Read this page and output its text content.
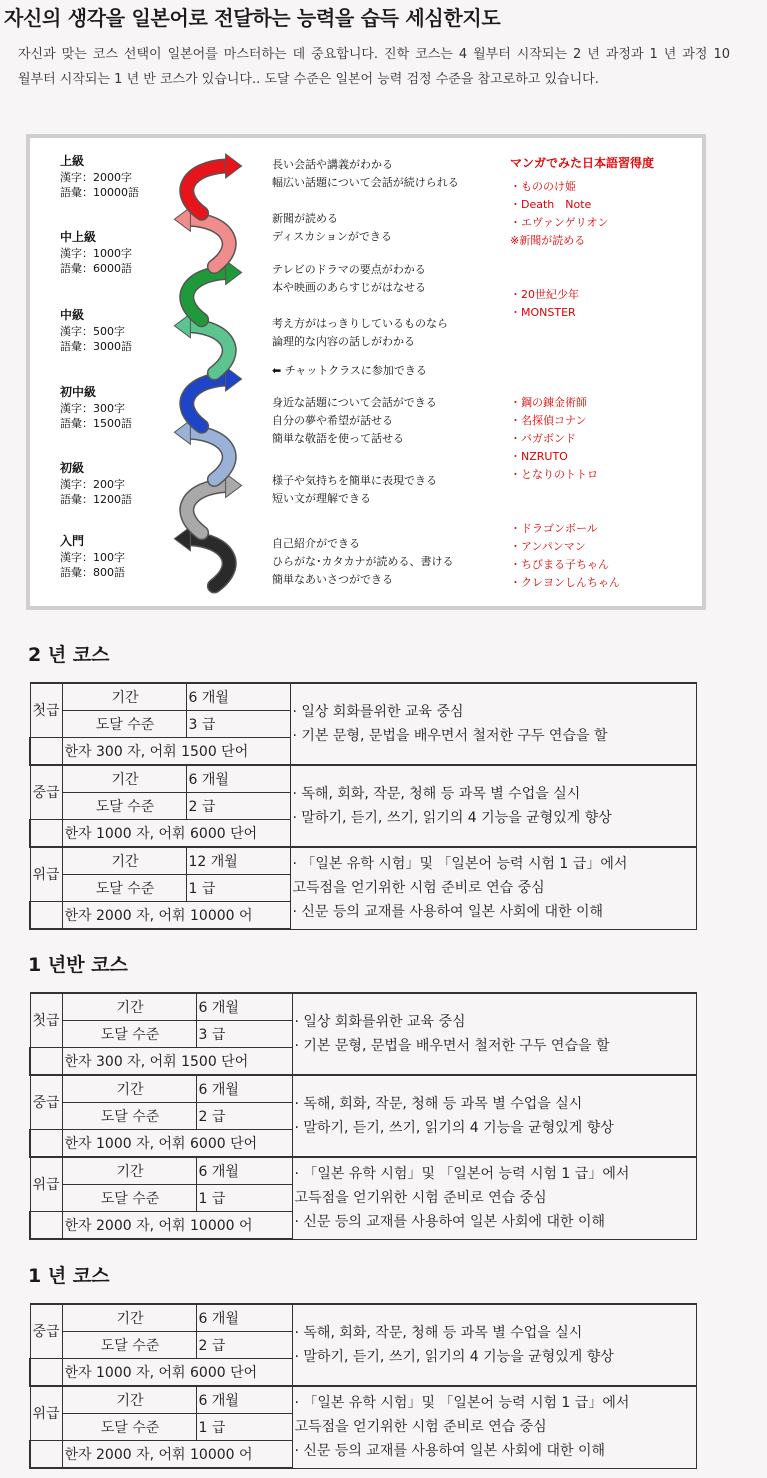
자신의 생각을 일본어로 전달하는 능력을 습득 세심한지도

자신과 맞는 코스 선택이 일본어를 마스터하는 데 중요합니다. 진학 코스는 4 월부터 시작되는 2 년 과정과 1 년 과정 10 월부터 시작되는 1 년 반 코스가 있습니다.. 도달 수준은 일본어 능력 검정 수준을 참고로하고 있습니다.

上級
漢字：2000字
語彙：10000語
中上級
漢字：1000字
語彙：6000語
中級
漢字：500字
語彙：3000語
初中級
漢字：300字
語彙：1500語
初級
漢字：200字
語彙：1200語
入門
漢字：100字
語彙：800語
長い会話や講義がわかる
幅広い話題について会話が続けられる
新聞が読める
ディスカションができる
テレビのドラマの要点がわかる
本や映画のあらすじがはなせる
考え方がはっきりしているものなら
論理的な内容の話しがわかる
⬅ チャットクラスに参加できる
身近な話題について会話ができる
自分の夢や希望が話せる
簡単な敬語を使って話せる
様子や気持ちを簡単に表現できる
短い文が理解できる
自己紹介ができる
ひらがな･カタカナが読める、書ける
簡単なあいさつができる
マンガでみた日本語習得度
・もののけ姫
・Death　Note
・エヴァンゲリオン
※新聞が読める
・20世紀少年
・MONSTER
・鋼の錬金術師
・名探偵コナン
・バガボンド
・NZRUTO
・となりのトトロ
・ドラゴンボール
・アンパンマン
・ちびまる子ちゃん
・クレヨンしんちゃん
2 년 코스
첫급	기간	6 개월	· 일상 회화를위한 교육 중심
· 기본 문형, 문법을 배우면서 철저한 구두 연습을 할

	도달 수준	3 급	
	한자 300 자, 어휘 1500 단어		
중급	기간	6 개월	· 독해, 회화, 작문, 청해 등 과목 별 수업을 실시
· 말하기, 듣기, 쓰기, 읽기의 4 기능을 균형있게 향상

	도달 수준	2 급	
	한자 1000 자, 어휘 6000 단어		
위급	기간	12 개월	· 「일본 유학 시험」및 「일본어 능력 시험 1 급」에서
고득점을 얻기위한 시험 준비로 연습 중심
· 신문 등의 교재를 사용하여 일본 사회에 대한 이해

	도달 수준	1 급	
	한자 2000 자, 어휘 10000 어		
1 년반 코스
첫급	기간	6 개월	· 일상 회화를위한 교육 중심
· 기본 문형, 문법을 배우면서 철저한 구두 연습을 할

	도달 수준	3 급	
	한자 300 자, 어휘 1500 단어		
중급	기간	6 개월	· 독해, 회화, 작문, 청해 등 과목 별 수업을 실시
· 말하기, 듣기, 쓰기, 읽기의 4 기능을 균형있게 향상

	도달 수준	2 급	
	한자 1000 자, 어휘 6000 단어		
위급	기간	6 개월	· 「일본 유학 시험」및 「일본어 능력 시험 1 급」에서
고득점을 얻기위한 시험 준비로 연습 중심
· 신문 등의 교재를 사용하여 일본 사회에 대한 이해

	도달 수준	1 급	
	한자 2000 자, 어휘 10000 어		
1 년 코스
중급	기간	6 개월	· 독해, 회화, 작문, 청해 등 과목 별 수업을 실시
· 말하기, 듣기, 쓰기, 읽기의 4 기능을 균형있게 향상

	도달 수준	2 급	
	한자 1000 자, 어휘 6000 단어		
위급	기간	6 개월	· 「일본 유학 시험」및 「일본어 능력 시험 1 급」에서
고득점을 얻기위한 시험 준비로 연습 중심
· 신문 등의 교재를 사용하여 일본 사회에 대한 이해

	도달 수준	1 급	
	한자 2000 자, 어휘 10000 어		
